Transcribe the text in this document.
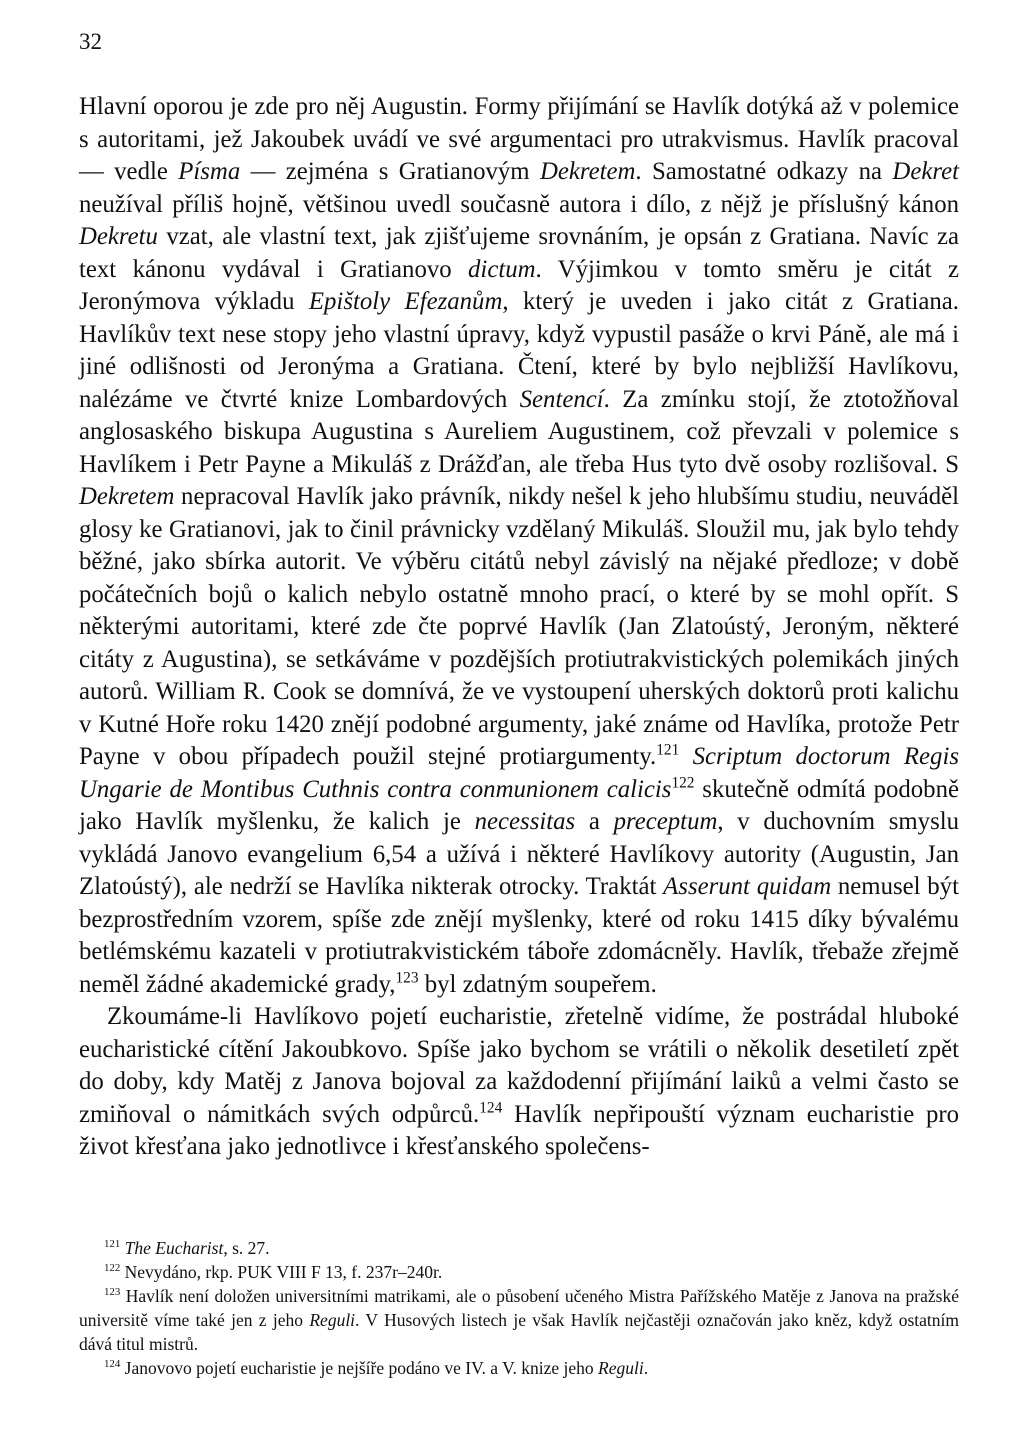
32

Hlavní oporou je zde pro něj Augustin. Formy přijímání se Havlík dotýká až v polemice s autoritami, jež Jakoubek uvádí ve své argumentaci pro utrakvismus. Havlík pracoval — vedle Písma — zejména s Gratianovým Dekretem. Samostatné odkazy na Dekret neužíval příliš hojně, většinou uvedl současně autora i dílo, z nějž je příslušný kánon Dekretu vzat, ale vlastní text, jak zjišťujeme srovnáním, je opsán z Gratiana. Navíc za text kánonu vydával i Gratianovo dictum. Výjimkou v tomto směru je citát z Jeronýmova výkladu Epištoly Efezanům, který je uveden i jako citát z Gratiana. Havlíkův text nese stopy jeho vlastní úpravy, když vypustil pasáže o krvi Páně, ale má i jiné odlišnosti od Jeronýma a Gratiana. Čtení, které by bylo nejbližší Havlíkovu, nalézáme ve čtvrté knize Lombardových Sentencí. Za zmínku stojí, že ztotožňoval anglosaského biskupa Augustina s Aureliem Augustinem, což převzali v polemice s Havlíkem i Petr Payne a Mikuláš z Drážďan, ale třeba Hus tyto dvě osoby rozlišoval. S Dekretem nepracoval Havlík jako právník, nikdy nešel k jeho hlubšímu studiu, neuváděl glosy ke Gratianovi, jak to činil právnicky vzdělaný Mikuláš. Sloužil mu, jak bylo tehdy běžné, jako sbírka autorit. Ve výběru citátů nebyl závislý na nějaké předloze; v době počátečních bojů o kalich nebylo ostatně mnoho prací, o které by se mohl opřít. S některými autoritami, které zde čte poprvé Havlík (Jan Zlatoústý, Jeroným, některé citáty z Augustina), se setkáváme v pozdějších protiutrakvistických polemikách jiných autorů. William R. Cook se domnívá, že ve vystoupení uherských doktorů proti kalichu v Kutné Hoře roku 1420 znějí podobné argumenty, jaké známe od Havlíka, protože Petr Payne v obou případech použil stejné protiargumenty.$^{121}$ Scriptum doctorum Regis Ungarie de Montibus Cuthnis contra conmunionem calicis$^{122}$ skutečně odmítá podobně jako Havlík myšlenku, že kalich je necessitas a preceptum, v duchovním smyslu vykládá Janovo evangelium 6,54 a užívá i některé Havlíkovy autority (Augustin, Jan Zlatoústý), ale nedrží se Havlíka nikterak otrocky. Traktát Asserunt quidam nemusel být bezprostředním vzorem, spíše zde znějí myšlenky, které od roku 1415 díky bývalému betlémskému kazateli v protiutrakvistickém táboře zdomácněly. Havlík, třebaže zřejmě neměl žádné akademické grady,$^{123}$ byl zdatným soupeřem.

Zkoumáme-li Havlíkovo pojetí eucharistie, zřetelně vidíme, že postrádal hluboké eucharistické cítění Jakoubkovo. Spíše jako bychom se vrátili o několik desetiletí zpět do doby, kdy Matěj z Janova bojoval za každodenní přijímání laiků a velmi často se zmiňoval o námitkách svých odpůrců.$^{124}$ Havlík nepřipouští význam eucharistie pro život křesťana jako jednotlivce i křesťanského společens-

$^{121}$ The Eucharist, s. 27.

$^{122}$ Nevydáno, rkp. PUK VIII F 13, f. 237r–240r.

$^{123}$ Havlík není doložen universitními matrikami, ale o působení učeného Mistra Pařížského Matěje z Janova na pražské universitě víme také jen z jeho Reguli. V Husových listech je však Havlík nejčastěji označován jako kněz, když ostatním dává titul mistrů.

$^{124}$ Janovovo pojetí eucharistie je nejšíře podáno ve IV. a V. knize jeho Reguli.
